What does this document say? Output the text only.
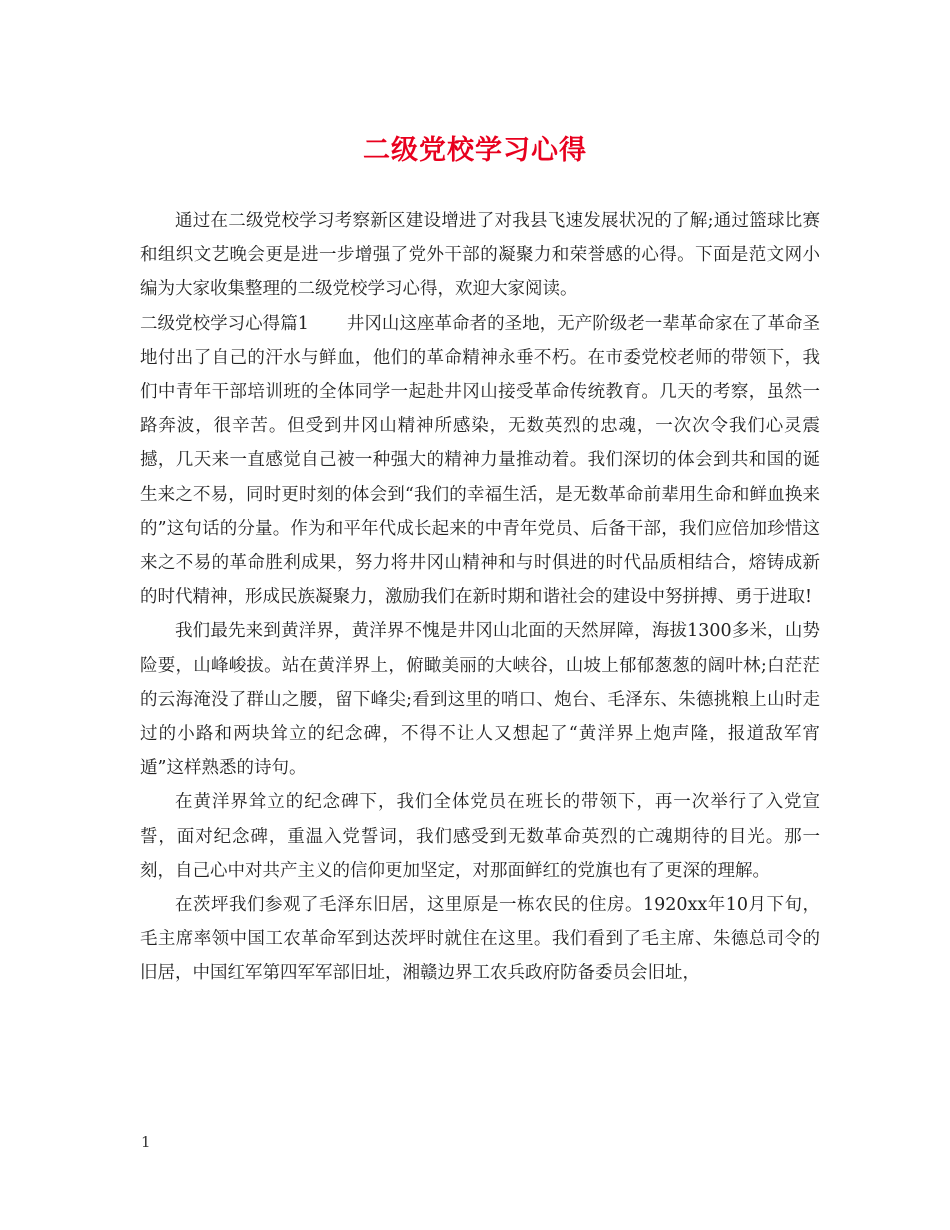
二级党校学习心得

通过在二级党校学习考察新区建设增进了对我县飞速发展状况的了解;通过篮球比赛和组织文艺晚会更是进一步增强了党外干部的凝聚力和荣誉感的心得。下面是范文网小编为大家收集整理的二级党校学习心得，欢迎大家阅读。

二级党校学习心得篇1 井冈山这座革命者的圣地，无产阶级老一辈革命家在了革命圣地付出了自己的汗水与鲜血，他们的革命精神永垂不朽。在市委党校老师的带领下，我们中青年干部培训班的全体同学一起赴井冈山接受革命传统教育。几天的考察，虽然一路奔波，很辛苦。但受到井冈山精神所感染，无数英烈的忠魂，一次次令我们心灵震撼，几天来一直感觉自己被一种强大的精神力量推动着。我们深切的体会到共和国的诞生来之不易，同时更时刻的体会到“我们的幸福生活，是无数革命前辈用生命和鲜血换来的”这句话的分量。作为和平年代成长起来的中青年党员、后备干部，我们应倍加珍惜这来之不易的革命胜利成果，努力将井冈山精神和与时俱进的时代品质相结合，熔铸成新的时代精神，形成民族凝聚力，激励我们在新时期和谐社会的建设中努拼搏、勇于进取!

我们最先来到黄洋界，黄洋界不愧是井冈山北面的天然屏障，海拔1300多米，山势险要，山峰峻拔。站在黄洋界上，俯瞰美丽的大峡谷，山坡上郁郁葱葱的阔叶林;白茫茫的云海淹没了群山之腰，留下峰尖;看到这里的哨口、炮台、毛泽东、朱德挑粮上山时走过的小路和两块耸立的纪念碑，不得不让人又想起了“黄洋界上炮声隆，报道敌军宵遁”这样熟悉的诗句。

在黄洋界耸立的纪念碑下，我们全体党员在班长的带领下，再一次举行了入党宣誓，面对纪念碑，重温入党誓词，我们感受到无数革命英烈的亡魂期待的目光。那一刻，自己心中对共产主义的信仰更加坚定，对那面鲜红的党旗也有了更深的理解。

在茨坪我们参观了毛泽东旧居，这里原是一栋农民的住房。1920xx年10月下旬，毛主席率领中国工农革命军到达茨坪时就住在这里。我们看到了毛主席、朱德总司令的旧居，中国红军第四军军部旧址，湘赣边界工农兵政府防备委员会旧址，

1
